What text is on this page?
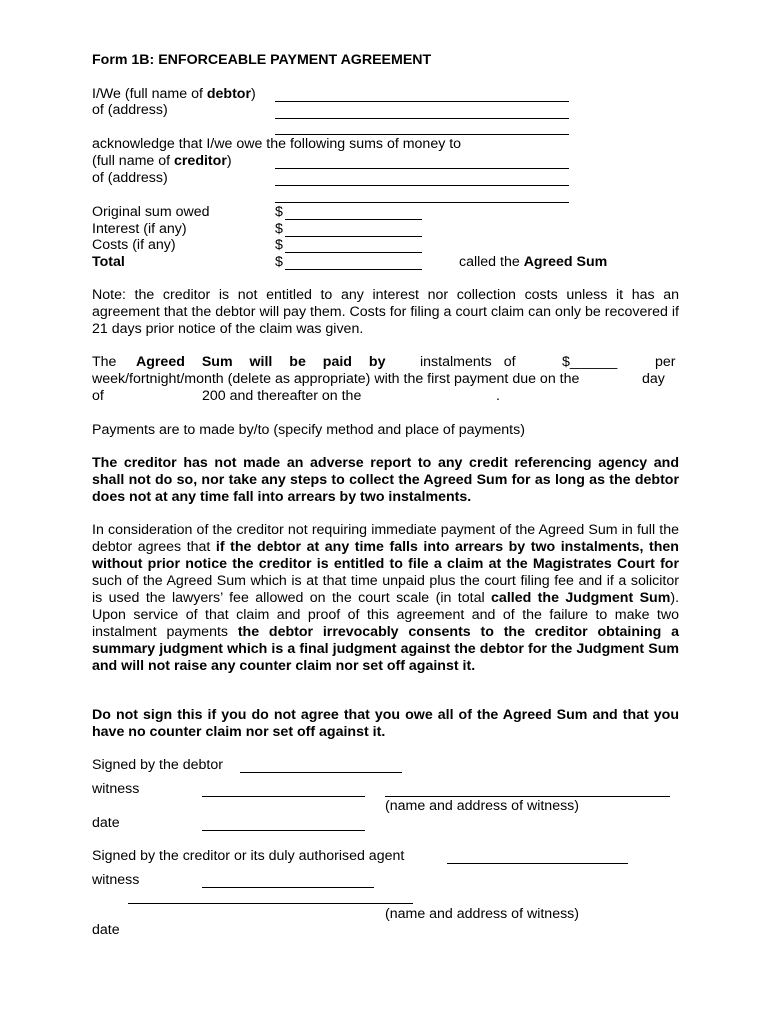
Form 1B: ENFORCEABLE PAYMENT AGREEMENT
I/We (full name of debtor)
of (address)
acknowledge that I/we owe the following sums of money to
(full name of creditor)
of (address)
Original sum owed	$
Interest (if any)	$
Costs (if any)	$
Total	$	called the Agreed Sum
Note: the creditor is not entitled to any interest nor collection costs unless it has an agreement that the debtor will pay them. Costs for filing a court claim can only be recovered if 21 days prior notice of the claim was given.
The Agreed Sum will be paid by instalments of	$______	per
week/fortnight/month (delete as appropriate) with the first payment due on the	day
of	200 and thereafter on the	.
Payments are to made by/to (specify method and place of payments)
The creditor has not made an adverse report to any credit referencing agency and shall not do so, nor take any steps to collect the Agreed Sum for as long as the debtor does not at any time fall into arrears by two instalments.
In consideration of the creditor not requiring immediate payment of the Agreed Sum in full the debtor agrees that if the debtor at any time falls into arrears by two instalments, then without prior notice the creditor is entitled to file a claim at the Magistrates Court for such of the Agreed Sum which is at that time unpaid plus the court filing fee and if a solicitor is used the lawyers’ fee allowed on the court scale (in total called the Judgment Sum). Upon service of that claim and proof of this agreement and of the failure to make two instalment payments the debtor irrevocably consents to the creditor obtaining a summary judgment which is a final judgment against the debtor for the Judgment Sum and will not raise any counter claim nor set off against it.
Do not sign this if you do not agree that you owe all of the Agreed Sum and that you have no counter claim nor set off against it.
Signed by the debtor
witness
(name and address of witness)
date
Signed by the creditor or its duly authorised agent
witness
(name and address of witness)
date
